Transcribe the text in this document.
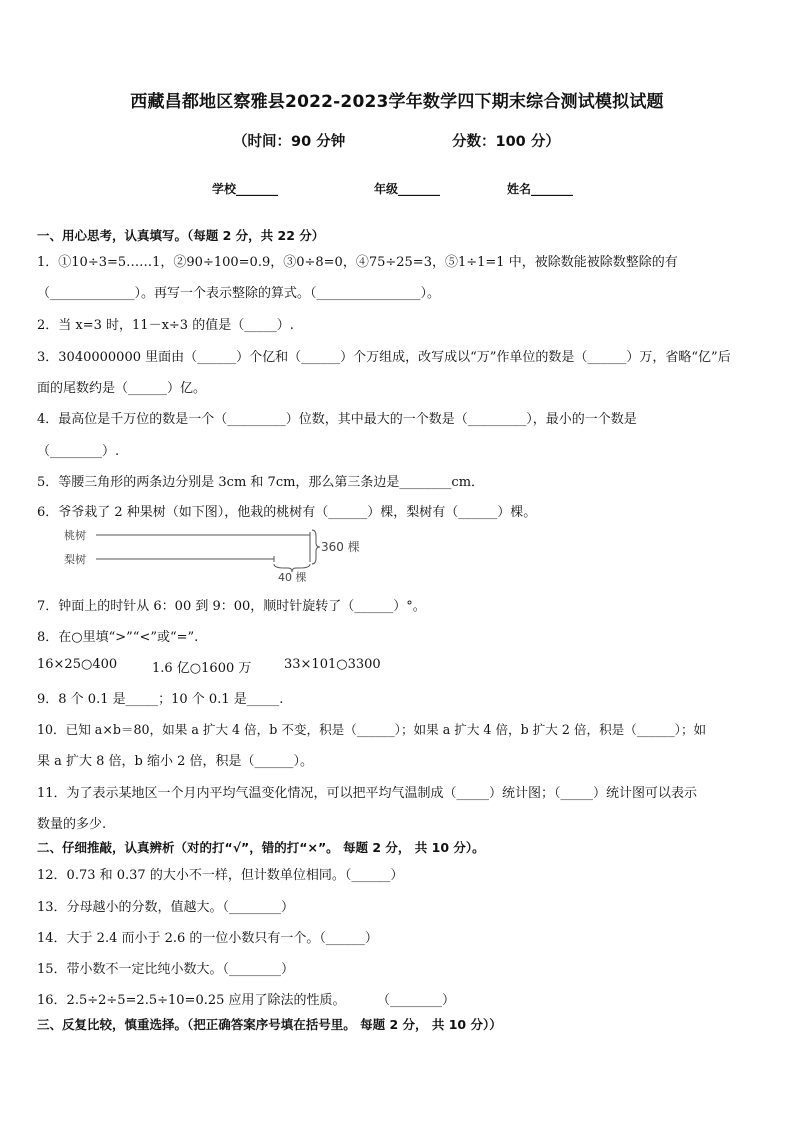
西藏昌都地区察雅县2022-2023学年数学四下期末综合测试模拟试题
（时间：90 分钟	分数：100 分）
学校_______	年级_______	姓名_______
一、用心思考，认真填写。（每题 2 分，共 22 分）
1．①10÷3=5……1，②90÷100=0.9，③0÷8=0，④75÷25=3，⑤1÷1=1 中，被除数能被除数整除的有
（_____________）。再写一个表示整除的算式。（________________）。
2．当 x=3 时，11－x÷3 的值是（_____）.
3．3040000000 里面由（______）个亿和（______）个万组成，改写成以“万”作单位的数是（______）万，省略“亿”后
面的尾数约是（______）亿。
4．最高位是千万位的数是一个（_________）位数，其中最大的一个数是（_________），最小的一个数是
（________）.
5．等腰三角形的两条边分别是 3cm 和 7cm，那么第三条边是________cm．
6．爷爷栽了 2 种果树（如下图），他栽的桃树有（______）棵，梨树有（______）棵。
桃树
梨树
40 棵
360 棵
7．钟面上的时针从 6：00 到 9：00，顺时针旋转了（______）°。
8．在○里填“>”“<”或“=”.
16×25○400	1.6 亿○1600 万	33×101○3300
9．8 个 0.1 是_____；10 个 0.1 是_____.
10．已知 a×b＝80，如果 a 扩大 4 倍，b 不变，积是（______）；如果 a 扩大 4 倍，b 扩大 2 倍，积是（______）；如
果 a 扩大 8 倍，b 缩小 2 倍，积是（______）。
11．为了表示某地区一个月内平均气温变化情况，可以把平均气温制成（_____）统计图；（_____）统计图可以表示
数量的多少.
二、仔细推敲，认真辨析（对的打“√”，错的打“×”。 每题 2 分， 共 10 分）。
12．0.73 和 0.37 的大小不一样，但计数单位相同。（______）
13．分母越小的分数，值越大。（________）
14．大于 2.4 而小于 2.6 的一位小数只有一个。（______）
15．带小数不一定比纯小数大。（________）
16．2.5÷2÷5=2.5÷10=0.25 应用了除法的性质。 （________）
三、反复比较，慎重选择。（把正确答案序号填在括号里。 每题 2 分， 共 10 分））
